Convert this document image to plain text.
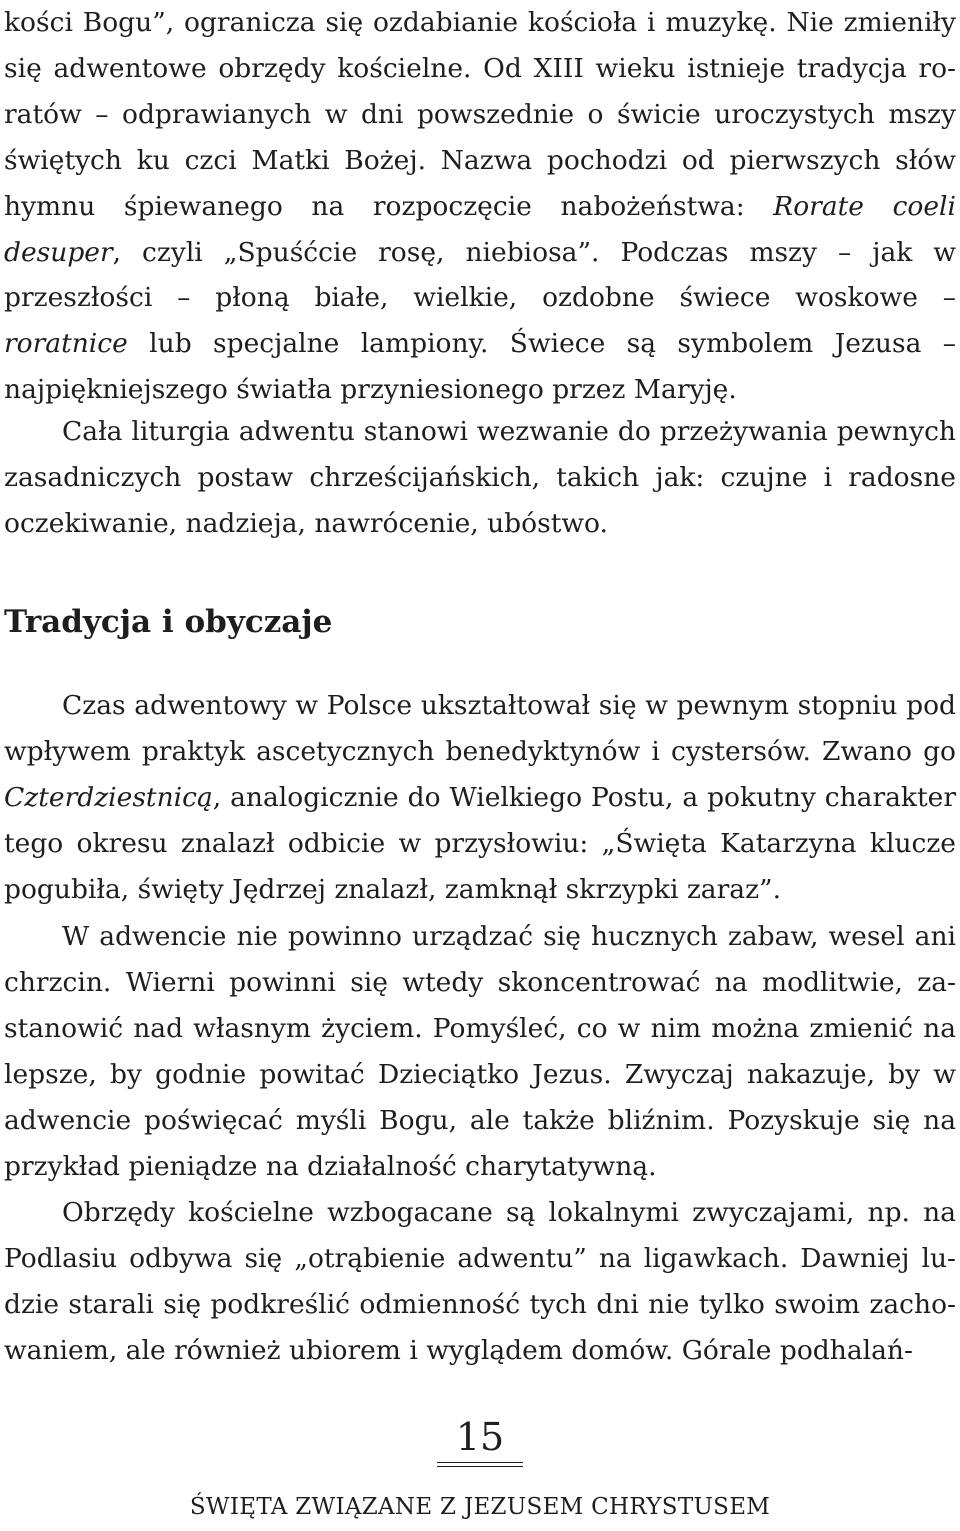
kości Bogu”, ogranicza się ozdabianie kościoła i muzykę. Nie zmieniły się adwentowe obrzędy kościelne. Od XIII wieku istnieje tradycja roratów – odprawianych w dni powszednie o świcie uroczystych mszy świętych ku czci Matki Bożej. Nazwa pochodzi od pierwszych słów hymnu śpiewanego na rozpoczęcie nabożeństwa: Rorate coeli desuper, czyli „Spuśćcie rosę, niebiosa”. Podczas mszy – jak w przeszłości – płoną białe, wielkie, ozdobne świece woskowe – roratnice lub specjalne lampiony. Świece są symbolem Jezusa – najpiękniejszego światła przyniesionego przez Maryję.

Cała liturgia adwentu stanowi wezwanie do przeżywania pewnych zasadniczych postaw chrześcijańskich, takich jak: czujne i radosne oczekiwanie, nadzieja, nawrócenie, ubóstwo.

Tradycja i obyczaje

Czas adwentowy w Polsce ukształtował się w pewnym stopniu pod wpływem praktyk ascetycznych benedyktynów i cystersów. Zwano go Czterdziestnicą, analogicznie do Wielkiego Postu, a pokutny charakter tego okresu znalazł odbicie w przysłowiu: „Święta Katarzyna klucze pogubiła, święty Jędrzej znalazł, zamknął skrzypki zaraz”.

W adwencie nie powinno urządzać się hucznych zabaw, wesel ani chrzcin. Wierni powinni się wtedy skoncentrować na modlitwie, zastanowić nad własnym życiem. Pomyśleć, co w nim można zmienić na lepsze, by godnie powitać Dzieciątko Jezus. Zwyczaj nakazuje, by w adwencie poświęcać myśli Bogu, ale także bliźnim. Pozyskuje się na przykład pieniądze na działalność charytatywną.

Obrzędy kościelne wzbogacane są lokalnymi zwyczajami, np. na Podlasiu odbywa się „otrąbienie adwentu” na ligawkach. Dawniej ludzie starali się podkreślić odmienność tych dni nie tylko swoim zachowaniem, ale również ubiorem i wyglądem domów. Górale podhalań-

15
ŚWIĘTA ZWIĄZANE Z JEZUSEM CHRYSTUSEM
